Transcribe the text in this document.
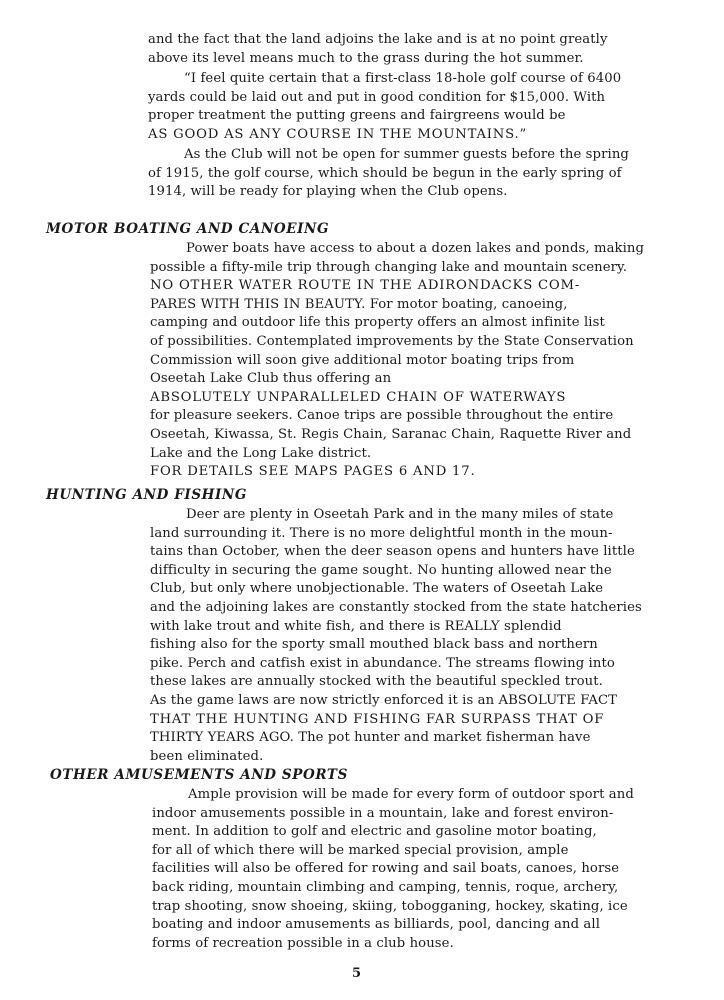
and the fact that the land adjoins the lake and is at no point greatly
above its level means much to the grass during the hot summer.

“I feel quite certain that a first-class 18-hole golf course of 6400
yards could be laid out and put in good condition for $15,000. With
proper treatment the putting greens and fairgreens would be
AS GOOD AS ANY COURSE IN THE MOUNTAINS.”

As the Club will not be open for summer guests before the spring
of 1915, the golf course, which should be begun in the early spring of
1914, will be ready for playing when the Club opens.

MOTOR BOATING AND CANOEING

Power boats have access to about a dozen lakes and ponds, making
possible a fifty-mile trip through changing lake and mountain scenery.
NO OTHER WATER ROUTE IN THE ADIRONDACKS COM-
PARES WITH THIS IN BEAUTY. For motor boating, canoeing,
camping and outdoor life this property offers an almost infinite list
of possibilities. Contemplated improvements by the State Conservation
Commission will soon give additional motor boating trips from
Oseetah Lake Club thus offering an
ABSOLUTELY UNPARALLELED CHAIN OF WATERWAYS
for pleasure seekers. Canoe trips are possible throughout the entire
Oseetah, Kiwassa, St. Regis Chain, Saranac Chain, Raquette River and
Lake and the Long Lake district.
FOR DETAILS SEE MAPS PAGES 6 AND 17.

HUNTING AND FISHING

Deer are plenty in Oseetah Park and in the many miles of state
land surrounding it. There is no more delightful month in the moun-
tains than October, when the deer season opens and hunters have little
difficulty in securing the game sought. No hunting allowed near the
Club, but only where unobjectionable. The waters of Oseetah Lake
and the adjoining lakes are constantly stocked from the state hatcheries
with lake trout and white fish, and there is REALLY splendid
fishing also for the sporty small mouthed black bass and northern
pike. Perch and catfish exist in abundance. The streams flowing into
these lakes are annually stocked with the beautiful speckled trout.
As the game laws are now strictly enforced it is an ABSOLUTE FACT
THAT THE HUNTING AND FISHING FAR SURPASS THAT OF
THIRTY YEARS AGO. The pot hunter and market fisherman have
been eliminated.

OTHER AMUSEMENTS AND SPORTS

Ample provision will be made for every form of outdoor sport and
indoor amusements possible in a mountain, lake and forest environ-
ment. In addition to golf and electric and gasoline motor boating,
for all of which there will be marked special provision, ample
facilities will also be offered for rowing and sail boats, canoes, horse
back riding, mountain climbing and camping, tennis, roque, archery,
trap shooting, snow shoeing, skiing, tobogganing, hockey, skating, ice
boating and indoor amusements as billiards, pool, dancing and all
forms of recreation possible in a club house.

5
